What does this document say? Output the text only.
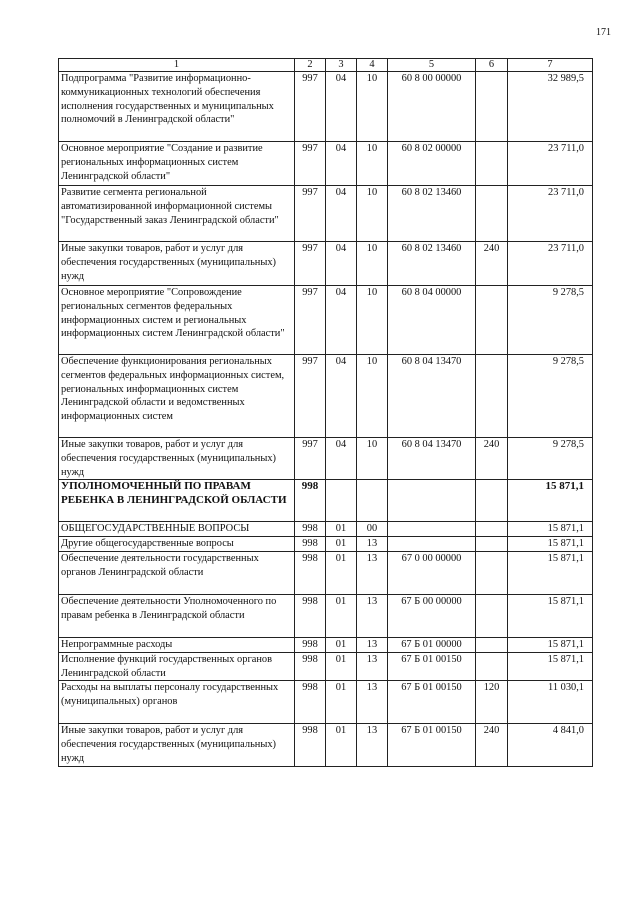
171
1	2	3	4	5	6	7
Подпрограмма "Развитие информационно-коммуникационных технологий обеспечения исполнения государственных и муниципальных полномочий в Ленинградской области"	997	04	10	60 8 00 00000		32 989,5
Основное мероприятие "Создание и развитие региональных информационных систем Ленинградской области"	997	04	10	60 8 02 00000		23 711,0
Развитие сегмента региональной автоматизированной информационной системы "Государственный заказ Ленинградской области"	997	04	10	60 8 02 13460		23 711,0
Иные закупки товаров, работ и услуг для обеспечения государственных (муниципальных) нужд	997	04	10	60 8 02 13460	240	23 711,0
Основное мероприятие "Сопровождение региональных сегментов федеральных информационных систем и региональных информационных систем Ленинградской области"	997	04	10	60 8 04 00000		9 278,5
Обеспечение функционирования региональных сегментов федеральных информационных систем, региональных информационных систем Ленинградской области и ведомственных информационных систем	997	04	10	60 8 04 13470		9 278,5
Иные закупки товаров, работ и услуг для обеспечения государственных (муниципальных) нужд	997	04	10	60 8 04 13470	240	9 278,5
УПОЛНОМОЧЕННЫЙ ПО ПРАВАМ РЕБЕНКА В ЛЕНИНГРАДСКОЙ ОБЛАСТИ	998					15 871,1
ОБЩЕГОСУДАРСТВЕННЫЕ ВОПРОСЫ	998	01	00			15 871,1
Другие общегосударственные вопросы	998	01	13			15 871,1
Обеспечение деятельности государственных органов Ленинградской области	998	01	13	67 0 00 00000		15 871,1
Обеспечение деятельности Уполномоченного по правам ребенка в Ленинградской области	998	01	13	67 Б 00 00000		15 871,1
Непрограммные расходы	998	01	13	67 Б 01 00000		15 871,1
Исполнение функций государственных органов Ленинградской области	998	01	13	67 Б 01 00150		15 871,1
Расходы на выплаты персоналу государственных (муниципальных) органов	998	01	13	67 Б 01 00150	120	11 030,1
Иные закупки товаров, работ и услуг для обеспечения государственных (муниципальных) нужд	998	01	13	67 Б 01 00150	240	4 841,0
